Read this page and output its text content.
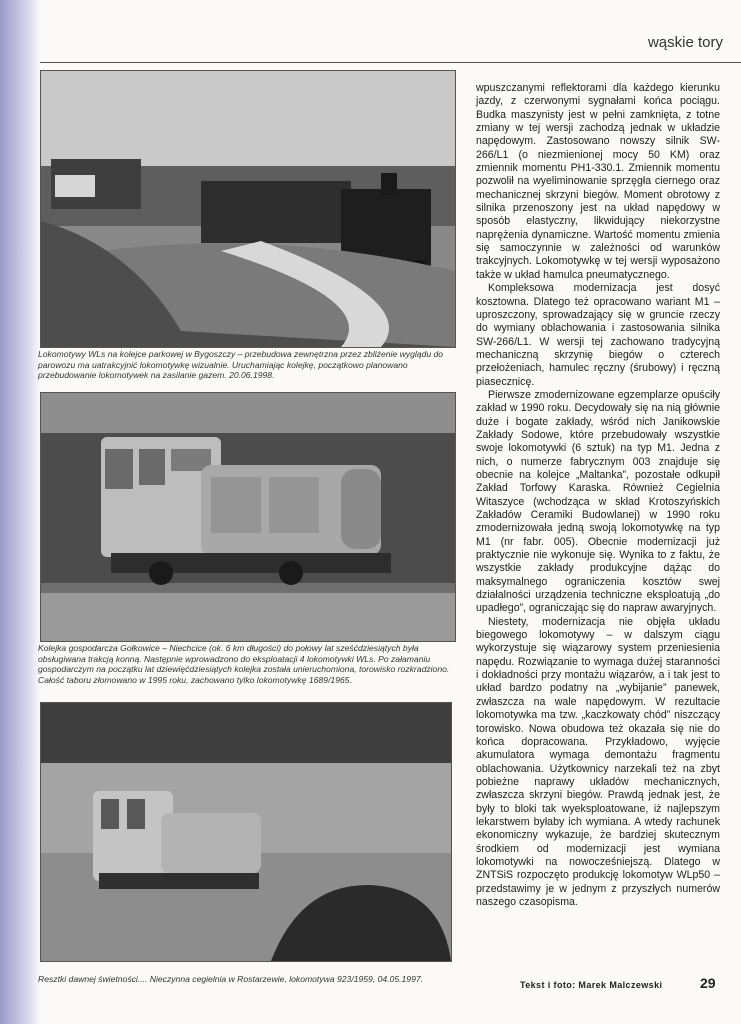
wąskie tory

Lokomotywy WLs na kolejce parkowej w Bygoszczy – przebudowa zewnętrzna przez zbliżenie wyglądu do parowozu ma uatrakcyjnić lokomotywkę wizualnie. Uruchamiając kolejkę, początkowo planowano przebudowanie lokomotywek na zasilanie gazem. 20.06.1998.

Kolejka gospodarcza Gołkowice – Niechcice (ok. 6 km długości) do połowy lat sześćdziesiątych była obsługiwana trakcją konną. Następnie wprowadzono do eksploatacji 4 lokomotywki WLs. Po załamaniu gospodarczym na początku lat dziewięćdziesiątych kolejka została unieruchomiona, torowisko rozkradziono. Całość taboru złomowano w 1995 roku, zachowano tylko lokomotywkę 1689/1965.

Resztki dawnej świetności.... Nieczynna cegielnia w Rostarzewie, lokomotywa 923/1959, 04.05.1997.

wpuszczanymi reflektorami dla każdego kierunku jazdy, z czerwonymi sygnałami końca pociągu. Budka maszynisty jest w pełni zamknięta, z totne zmiany w tej wersji zachodzą jednak w układzie napędowym. Zastosowano nowszy silnik SW-266/L1 (o niezmienionej mocy 50 KM) oraz zmiennik momentu PH1-330.1. Zmiennik momentu pozwolił na wyeliminowanie sprzęgła ciernego oraz mechanicznej skrzyni biegów. Moment obrotowy z silnika przenoszony jest na układ napędowy w sposób elastyczny, likwidujący niekorzystne naprężenia dynamiczne. Wartość momentu zmienia się samoczynnie w zależności od warunków trakcyjnych. Lokomotywkę w tej wersji wyposażono także w układ hamulca pneumatycznego.

Kompleksowa modernizacja jest dosyć kosztowna. Dlatego też opracowano wariant M1 – uproszczony, sprowadzający się w gruncie rzeczy do wymiany oblachowania i zastosowania silnika SW-266/L1. W wersji tej zachowano tradycyjną mechaniczną skrzynię biegów o czterech przełożeniach, hamulec ręczny (śrubowy) i ręczną piasecznicę.

Pierwsze zmodernizowane egzemplarze opuściły zakład w 1990 roku. Decydowały się na nią głównie duże i bogate zakłady, wśród nich Janikowskie Zakłady Sodowe, które przebudowały wszystkie swoje lokomotywki (6 sztuk) na typ M1. Jedna z nich, o numerze fabrycznym 003 znajduje się obecnie na kolejce „Maltanka”, pozostałe odkupił Zakład Torfowy Karaska. Również Cegielnia Witaszyce (wchodząca w skład Krotoszyńskich Zakładów Ceramiki Budowlanej) w 1990 roku zmodernizowała jedną swoją lokomotywkę na typ M1 (nr fabr. 005). Obecnie modernizacji już praktycznie nie wykonuje się. Wynika to z faktu, że wszystkie zakłady produkcyjne dążąc do maksymalnego ograniczenia kosztów swej działalności urządzenia techniczne eksploatują „do upadłego”, ograniczając się do napraw awaryjnych.

Niestety, modernizacja nie objęła układu biegowego lokomotywy – w dalszym ciągu wykorzystuje się wiązarowy system przeniesienia napędu. Rozwiązanie to wymaga dużej staranności i dokładności przy montażu wiązarów, a i tak jest to układ bardzo podatny na „wybijanie” panewek, zwłaszcza na wale napędowym. W rezultacie lokomotywka ma tzw. „kaczkowaty chód” niszczący torowisko. Nowa obudowa też okazała się nie do końca dopracowana. Przykładowo, wyjęcie akumulatora wymaga demontażu fragmentu oblachowania. Użytkownicy narzekali też na zbyt pobieżne naprawy układów mechanicznych, zwłaszcza skrzyni biegów. Prawdą jednak jest, że były to bloki tak wyeksploatowane, iż najlepszym lekarstwem byłaby ich wymiana. A wtedy rachunek ekonomiczny wykazuje, że bardziej skutecznym środkiem od modernizacji jest wymiana lokomotywki na nowocześniejszą. Dlatego w ZNTSiS rozpoczęto produkcję lokomotyw WLp50 – przedstawimy je w jednym z przyszłych numerów naszego czasopisma.

Tekst i foto: Marek Malczewski	29
